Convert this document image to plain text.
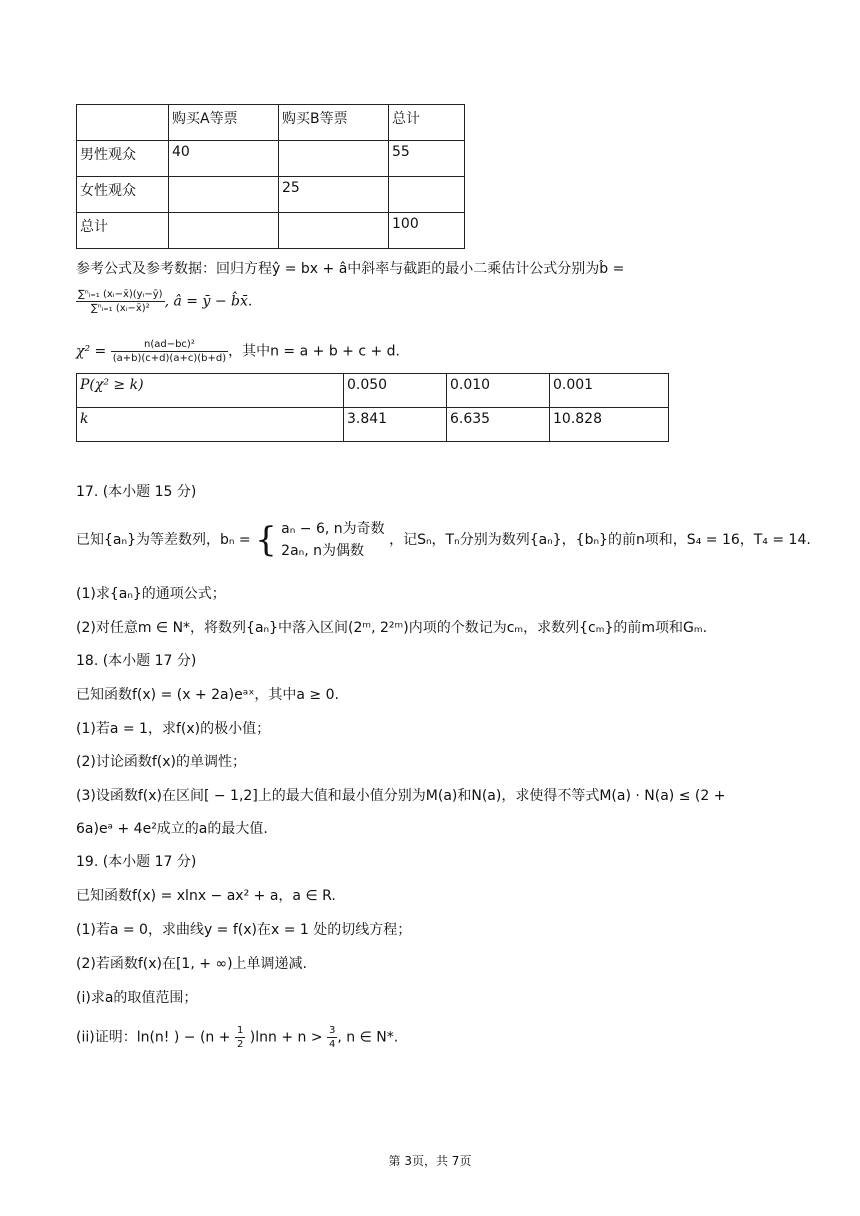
	购买A等票	购买B等票	总计
男性观众	40		55
女性观众		25	
总计			100
参考公式及参考数据：回归方程ŷ = bx + â中斜率与截距的最小二乘估计公式分别为b̂ =
$\frac{\text{∑ⁿᵢ₌₁ (xᵢ−x̄)(yᵢ−ȳ)}}{\text{∑ⁿᵢ₌₁ (xᵢ−x̄)²}}$ , â = ȳ − b̂x̄.
$\chi^2 = \frac{\text{n(ad−bc)²}}{(a+b)(c+d)(a+c)(b+d)}$ ，其中n = a + b + c + d.
P(χ² ≥ k)	0.050	0.010	0.001
k	3.841	6.635	10.828
17. (本小题 15 分)
已知{aₙ}为等差数列，bₙ = { aₙ − 6, n为奇数
2aₙ, n为偶数
，记Sₙ，Tₙ分别为数列{aₙ}，{bₙ}的前n项和，S₄ = 16，T₄ = 14.
(1)求{aₙ}的通项公式；
(2)对任意m ∈ N*，将数列{aₙ}中落入区间(2ᵐ, 2²ᵐ)内项的个数记为cₘ，求数列{cₘ}的前m项和Gₘ.
18. (本小题 17 分)
已知函数f(x) = (x + 2a)eᵃˣ，其中a ≥ 0.
(1)若a = 1，求f(x)的极小值；
(2)讨论函数f(x)的单调性；
(3)设函数f(x)在区间[ − 1,2]上的最大值和最小值分别为M(a)和N(a)，求使得不等式M(a) · N(a) ≤ (2 +
6a)eᵃ + 4e²成立的a的最大值.
19. (本小题 17 分)
已知函数f(x) = xlnx − ax² + a，a ∈ R.
(1)若a = 0，求曲线y = f(x)在x = 1 处的切线方程；
(2)若函数f(x)在[1, + ∞)上单调递减.
(i)求a的取值范围；
(ii)证明：ln(n! ) − $(n + \frac{1}{2} )\ln n + n > \frac{3}{4}$ , n ∈ N*.
第 3页，共 7页
